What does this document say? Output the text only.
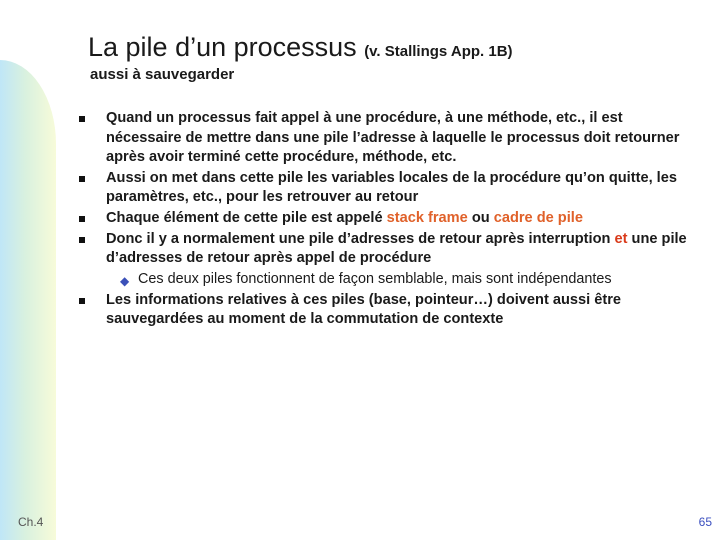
La pile d’un processus (v. Stallings App. 1B)
aussi à sauvegarder
Quand un processus fait appel à une procédure, à une méthode, etc., il est nécessaire de mettre dans une pile l’adresse à laquelle le processus doit retourner après avoir terminé cette procédure, méthode, etc.
Aussi on met dans cette pile les variables locales de la procédure qu’on quitte, les paramètres, etc., pour les retrouver au retour
Chaque élément de cette pile est appelé stack frame ou cadre de pile
Donc il y a normalement une pile d’adresses de retour après interruption et une pile d’adresses de retour après appel de procédure
◆ Ces deux piles fonctionnent de façon semblable, mais sont indépendantes
Les informations relatives à ces piles (base, pointeur…) doivent aussi être sauvegardées au moment de la commutation de contexte
Ch.4	65
